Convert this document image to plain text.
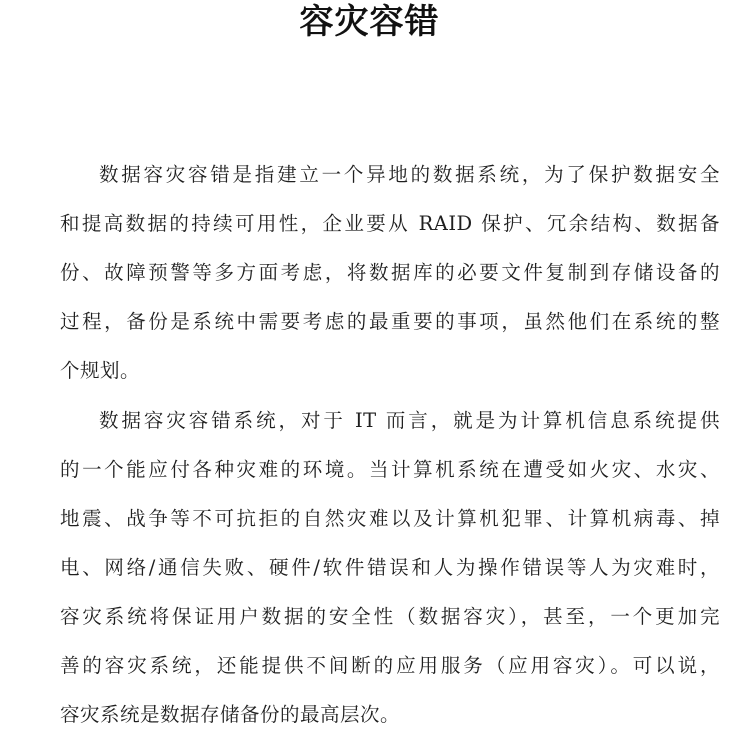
容灾容错
数据容灾容错是指建立一个异地的数据系统，为了保护数据安全
和提高数据的持续可用性，企业要从 RAID 保护、冗余结构、数据备
份、故障预警等多方面考虑，将数据库的必要文件复制到存储设备的
过程，备份是系统中需要考虑的最重要的事项，虽然他们在系统的整
个规划。
数据容灾容错系统，对于 IT 而言，就是为计算机信息系统提供
的一个能应付各种灾难的环境。当计算机系统在遭受如火灾、水灾、
地震、战争等不可抗拒的自然灾难以及计算机犯罪、计算机病毒、掉
电、网络/通信失败、硬件/软件错误和人为操作错误等人为灾难时，
容灾系统将保证用户数据的安全性（数据容灾），甚至，一个更加完
善的容灾系统，还能提供不间断的应用服务（应用容灾）。可以说，
容灾系统是数据存储备份的最高层次。
